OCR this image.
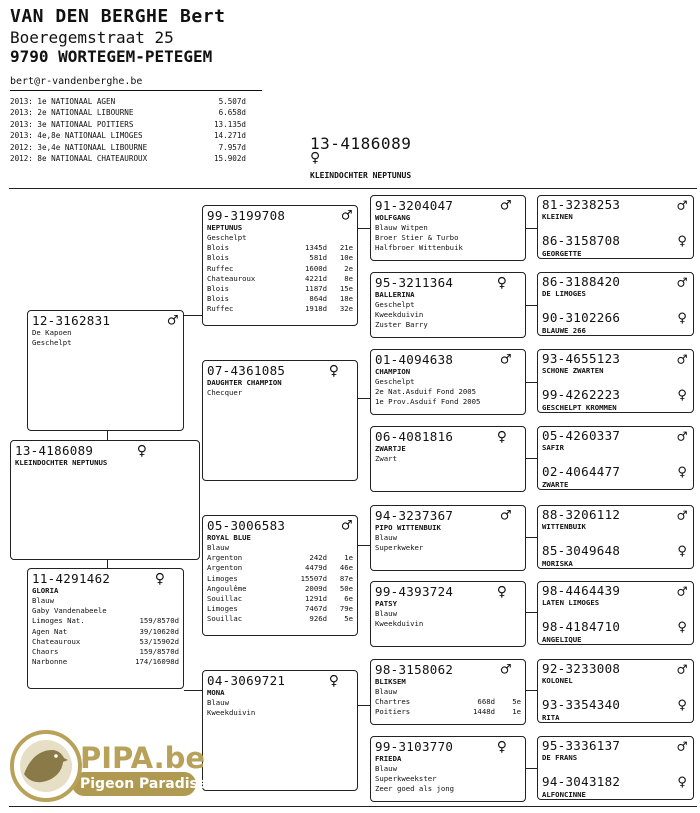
VAN DEN BERGHE Bert
Boeregemstraat 25
9790 WORTEGEM-PETEGEM
bert@r-vandenberghe.be
2013: 1e NATIONAAL AGEN	5.507d
2013: 2e NATIONAAL LIBOURNE	6.658d
2013: 3e NATIONAAL POITIERS	13.135d
2013: 4e,8e NATIONAAL LIMOGES	14.271d
2012: 3e,4e NATIONAAL LIBOURNE	7.957d
2012: 8e NATIONAAL CHATEAUROUX	15.902d
13-4186089
♀
KLEINDOCHTER NEPTUNUS
13-4186089	♀
KLEINDOCHTER NEPTUNUS
12-3162831	♂
De Kapoen
Geschelpt
11-4291462	♀
GLORIA
Blauw
Gaby Vandenabeele
Limoges Nat.	159/8570d
Agen Nat	39/10620d
Chateauroux	53/15902d
Chaors	159/8570d
Narbonne	174/16098d
99-3199708	♂
NEPTUNUS
Geschelpt
Blois	1345d	21e
Blois	581d	10e
Ruffec	1600d	2e
Chateauroux	4221d	8e
Blois	1187d	15e
Blois	864d	18e
Ruffec	1918d	32e
07-4361085	♀
DAUGHTER CHAMPION
Checquer
05-3006583	♂
ROYAL BLUE
Blauw
Argenton	242d	1e
Argenton	4479d	46e
Limoges	15507d	87e
Angoulême	2009d	50e
Souillac	1291d	6e
Limoges	7467d	79e
Souillac	926d	5e
04-3069721	♀
MONA
Blauw
Kweekduivin
91-3204047	♂
WOLFGANG
Blauw Witpen
Broer Stier & Turbo
Halfbroer Wittenbuik
95-3211364	♀
BALLERINA
Geschelpt
Kweekduivin
Zuster Barry
01-4094638	♂
CHAMPION
Geschelpt
2e Nat.Asduif Fond 2005
1e Prov.Asduif Fond 2005
06-4081816	♀
ZWARTJE
Zwart
94-3237367	♂
PIPO WITTENBUIK
Blauw
Superkweker
99-4393724	♀
PATSY
Blauw
Kweekduivin
98-3158062	♂
BLIKSEM
Blauw
Chartres	668d	5e
Poitiers	1448d	1e
99-3103770	♀
FRIEDA
Blauw
Superkweekster
Zeer goed als jong
81-3238253	♂
KLEINEN
86-3158708	♀
GEORGETTE
86-3188420	♂
DE LIMOGES
90-3102266	♀
BLAUWE 266
93-4655123	♂
SCHONE ZWARTEN
99-4262223	♀
GESCHELPT KROMMEN
05-4260337	♂
SAFIR
02-4064477	♀
ZWARTE
88-3206112	♂
WITTENBUIK
85-3049648	♀
MORISKA
98-4464439	♂
LATEN LIMOGES
98-4184710	♀
ANGELIQUE
92-3233008	♂
KOLONEL
93-3354340	♀
RITA
95-3336137	♂
DE FRANS
94-3043182	♀
ALFONCINNE
PIPA.be
Pigeon Paradise
